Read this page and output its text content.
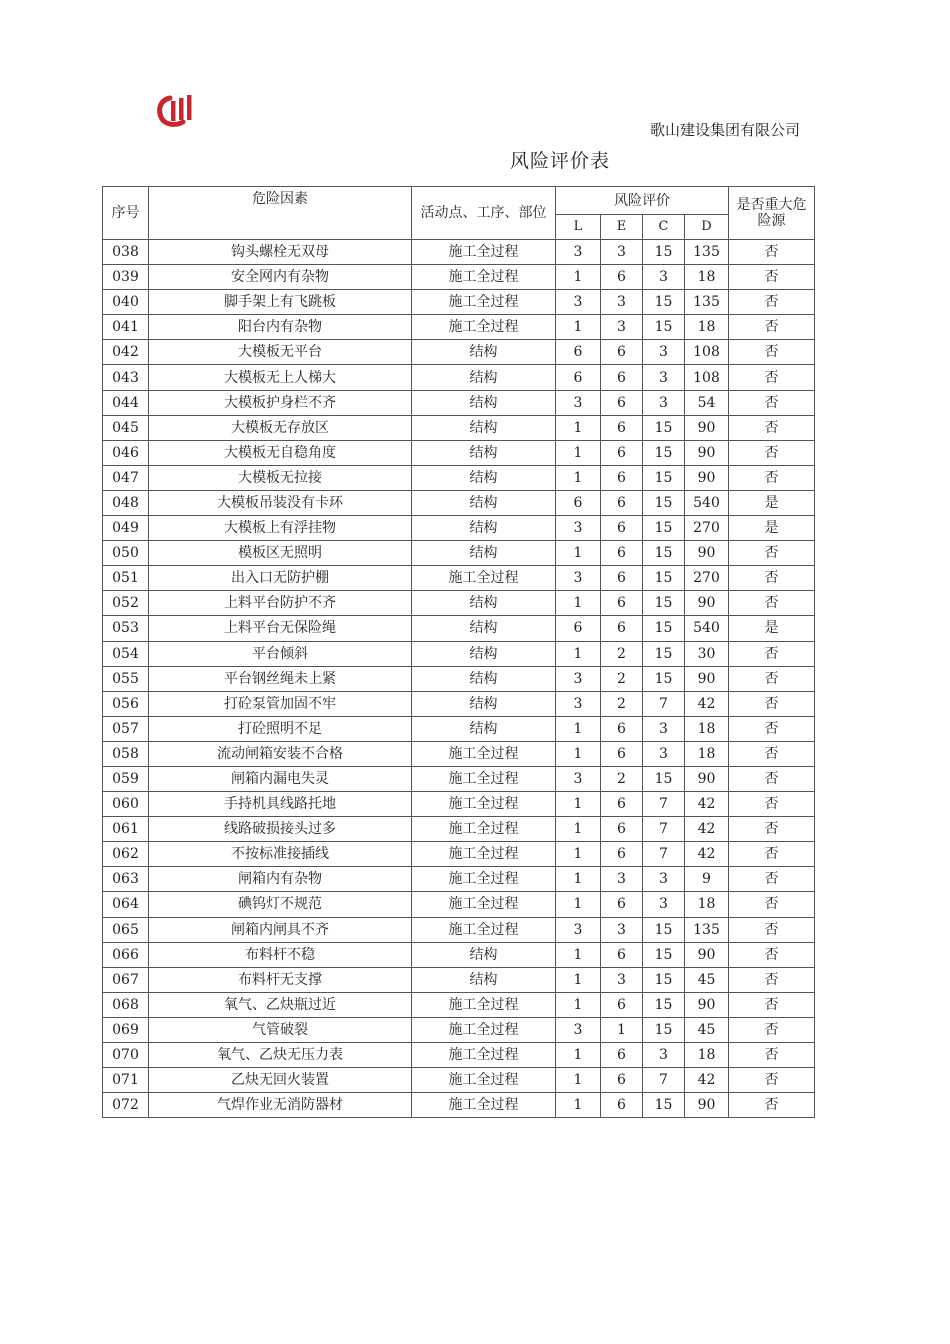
歌山建设集团有限公司
风险评价表
序号	危险因素	活动点、工序、部位	风险评价				是否重大危险源
			L	E	C	D	
038	钩头螺栓无双母	施工全过程	3	3	15	135	否
039	安全网内有杂物	施工全过程	1	6	3	18	否
040	脚手架上有飞跳板	施工全过程	3	3	15	135	否
041	阳台内有杂物	施工全过程	1	3	15	18	否
042	大模板无平台	结构	6	6	3	108	否
043	大模板无上人梯大	结构	6	6	3	108	否
044	大模板护身栏不齐	结构	3	6	3	54	否
045	大模板无存放区	结构	1	6	15	90	否
046	大模板无自稳角度	结构	1	6	15	90	否
047	大模板无拉接	结构	1	6	15	90	否
048	大模板吊装没有卡环	结构	6	6	15	540	是
049	大模板上有浮挂物	结构	3	6	15	270	是
050	模板区无照明	结构	1	6	15	90	否
051	出入口无防护棚	施工全过程	3	6	15	270	否
052	上料平台防护不齐	结构	1	6	15	90	否
053	上料平台无保险绳	结构	6	6	15	540	是
054	平台倾斜	结构	1	2	15	30	否
055	平台钢丝绳未上紧	结构	3	2	15	90	否
056	打砼泵管加固不牢	结构	3	2	7	42	否
057	打砼照明不足	结构	1	6	3	18	否
058	流动闸箱安装不合格	施工全过程	1	6	3	18	否
059	闸箱内漏电失灵	施工全过程	3	2	15	90	否
060	手持机具线路托地	施工全过程	1	6	7	42	否
061	线路破损接头过多	施工全过程	1	6	7	42	否
062	不按标准接插线	施工全过程	1	6	7	42	否
063	闸箱内有杂物	施工全过程	1	3	3	9	否
064	碘钨灯不规范	施工全过程	1	6	3	18	否
065	闸箱内闸具不齐	施工全过程	3	3	15	135	否
066	布料杆不稳	结构	1	6	15	90	否
067	布料杆无支撑	结构	1	3	15	45	否
068	氧气、乙炔瓶过近	施工全过程	1	6	15	90	否
069	气管破裂	施工全过程	3	1	15	45	否
070	氧气、乙炔无压力表	施工全过程	1	6	3	18	否
071	乙炔无回火装置	施工全过程	1	6	7	42	否
072	气焊作业无消防器材	施工全过程	1	6	15	90	否
